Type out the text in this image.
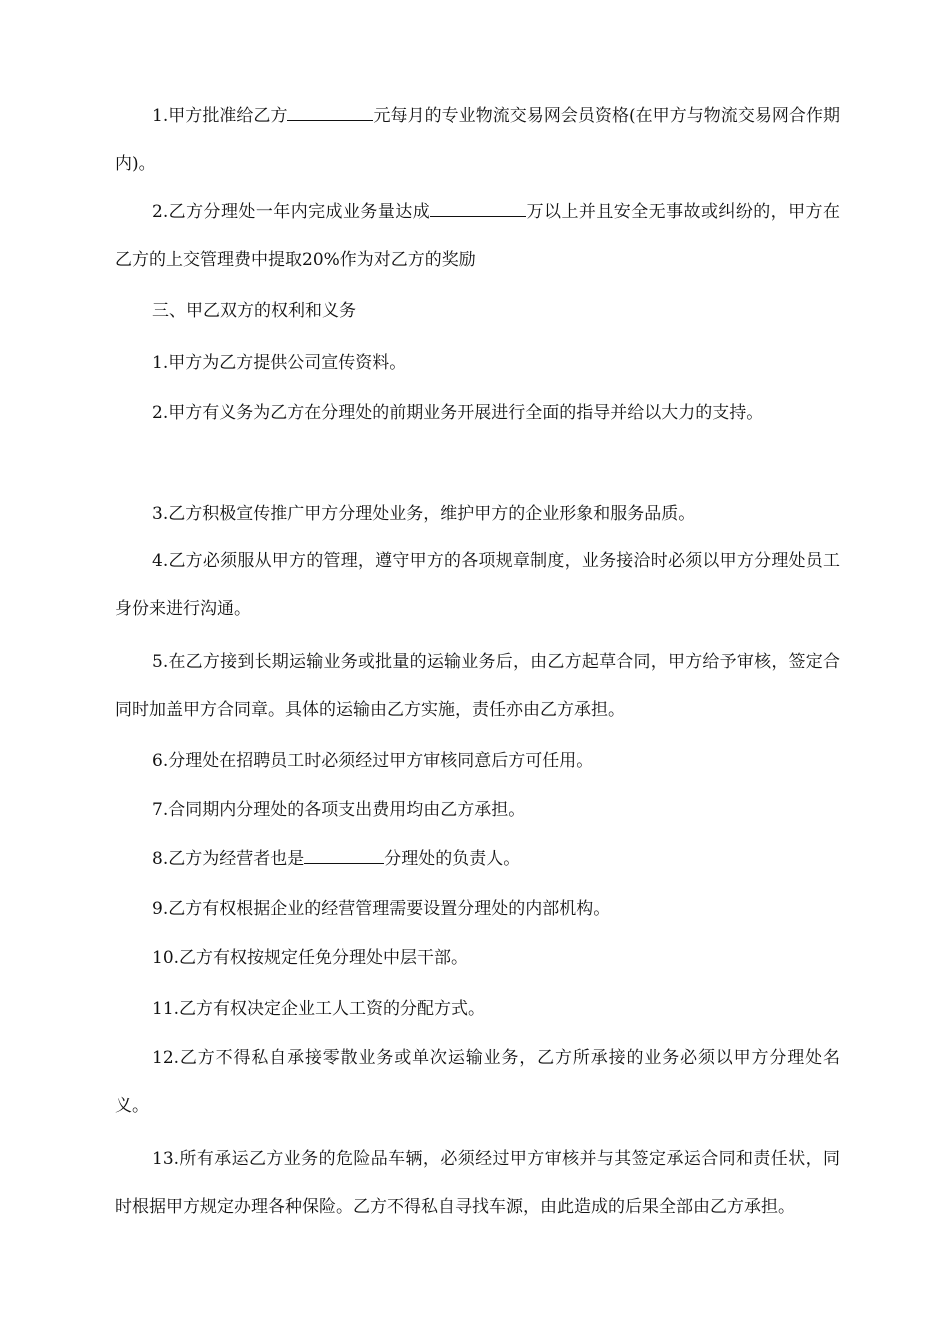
1.甲方批准给乙方	元每月的专业物流交易网会员资格(在甲方与物流交易网合作期内)。

2.乙方分理处一年内完成业务量达成	万以上并且安全无事故或纠纷的，甲方在乙方的上交管理费中提取20%作为对乙方的奖励

三、甲乙双方的权利和义务

1.甲方为乙方提供公司宣传资料。

2.甲方有义务为乙方在分理处的前期业务开展进行全面的指导并给以大力的支持。

3.乙方积极宣传推广甲方分理处业务，维护甲方的企业形象和服务品质。

4.乙方必须服从甲方的管理，遵守甲方的各项规章制度，业务接洽时必须以甲方分理处员工身份来进行沟通。

5.在乙方接到长期运输业务或批量的运输业务后，由乙方起草合同，甲方给予审核，签定合同时加盖甲方合同章。具体的运输由乙方实施，责任亦由乙方承担。

6.分理处在招聘员工时必须经过甲方审核同意后方可任用。

7.合同期内分理处的各项支出费用均由乙方承担。

8.乙方为经营者也是	分理处的负责人。

9.乙方有权根据企业的经营管理需要设置分理处的内部机构。

10.乙方有权按规定任免分理处中层干部。

11.乙方有权决定企业工人工资的分配方式。

12.乙方不得私自承接零散业务或单次运输业务，乙方所承接的业务必须以甲方分理处名义。

13.所有承运乙方业务的危险品车辆，必须经过甲方审核并与其签定承运合同和责任状，同时根据甲方规定办理各种保险。乙方不得私自寻找车源，由此造成的后果全部由乙方承担。
